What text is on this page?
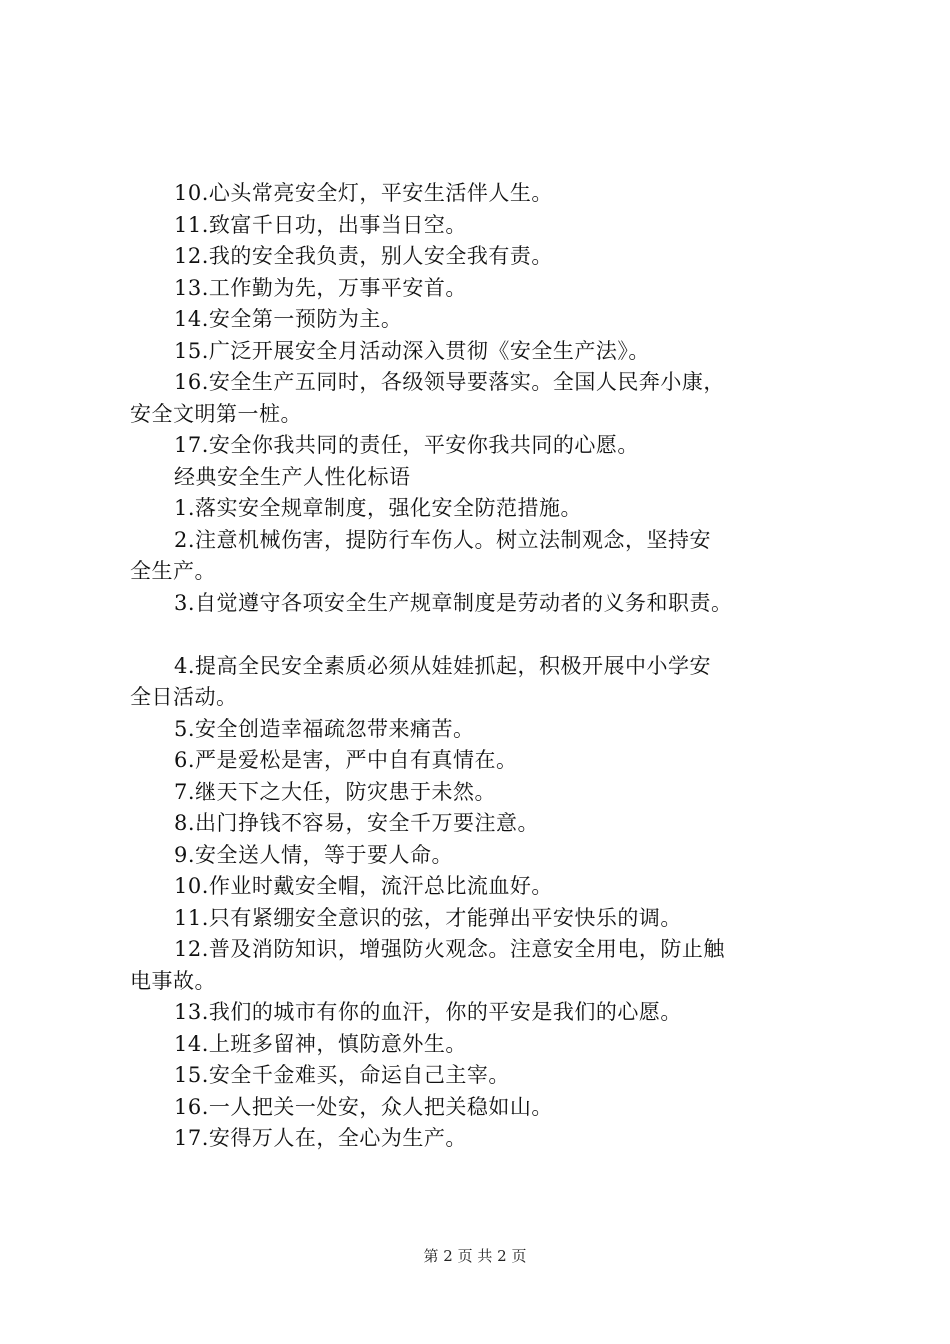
10.心头常亮安全灯，平安生活伴人生。
11.致富千日功，出事当日空。
12.我的安全我负责，别人安全我有责。
13.工作勤为先，万事平安首。
14.安全第一预防为主。
15.广泛开展安全月活动深入贯彻《安全生产法》。
16.安全生产五同时，各级领导要落实。全国人民奔小康，
安全文明第一桩。
17.安全你我共同的责任，平安你我共同的心愿。
经典安全生产人性化标语
1.落实安全规章制度，强化安全防范措施。
2.注意机械伤害，提防行车伤人。树立法制观念，坚持安
全生产。
3.自觉遵守各项安全生产规章制度是劳动者的义务和职责。
4.提高全民安全素质必须从娃娃抓起，积极开展中小学安
全日活动。
5.安全创造幸福疏忽带来痛苦。
6.严是爱松是害，严中自有真情在。
7.继天下之大任，防灾患于未然。
8.出门挣钱不容易，安全千万要注意。
9.安全送人情，等于要人命。
10.作业时戴安全帽，流汗总比流血好。
11.只有紧绷安全意识的弦，才能弹出平安快乐的调。
12.普及消防知识，增强防火观念。注意安全用电，防止触
电事故。
13.我们的城市有你的血汗，你的平安是我们的心愿。
14.上班多留神，慎防意外生。
15.安全千金难买，命运自己主宰。
16.一人把关一处安，众人把关稳如山。
17.安得万人在，全心为生产。
第 2 页 共 2 页
